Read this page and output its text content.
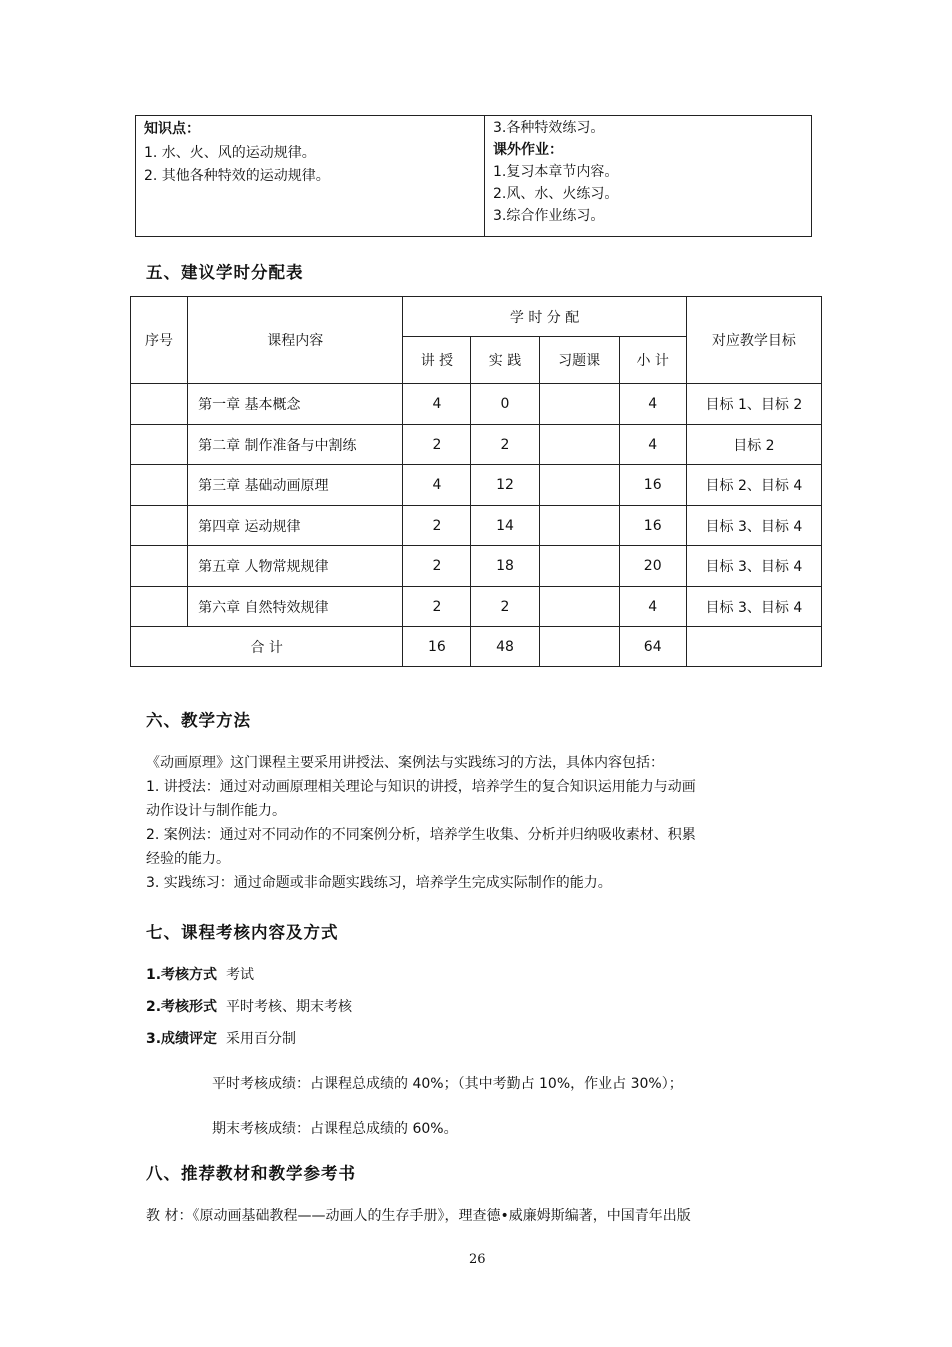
知识点：
1. 水、火、风的运动规律。
2. 其他各种特效的运动规律。
3.各种特效练习。
课外作业：
1.复习本章节内容。
2.风、水、火练习。
3.综合作业练习。
五、建议学时分配表
序号	课程内容	学 时 分 配				对应教学目标
		讲 授	实 践	习题课	小 计	
	第一章 基本概念	4	0		4	目标 1、目标 2
	第二章 制作准备与中割练	2	2		4	目标 2
	第三章 基础动画原理	4	12		16	目标 2、目标 4
	第四章 运动规律	2	14		16	目标 3、目标 4
	第五章 人物常规规律	2	18		20	目标 3、目标 4
	第六章 自然特效规律	2	2		4	目标 3、目标 4
合 计		16	48		64	
六、教学方法
《动画原理》这门课程主要采用讲授法、案例法与实践练习的方法，具体内容包括：
1. 讲授法：通过对动画原理相关理论与知识的讲授，培养学生的复合知识运用能力与动画
动作设计与制作能力。
2. 案例法：通过对不同动作的不同案例分析，培养学生收集、分析并归纳吸收素材、积累
经验的能力。
3. 实践练习：通过命题或非命题实践练习，培养学生完成实际制作的能力。
七、课程考核内容及方式
1.考核方式 考试
2.考核形式 平时考核、期末考核
3.成绩评定 采用百分制
平时考核成绩：占课程总成绩的 40%；（其中考勤占 10%，作业占 30%）；
期末考核成绩：占课程总成绩的 60%。
八、推荐教材和教学参考书
教 材：《原动画基础教程——动画人的生存手册》，理查德•威廉姆斯编著，中国青年出版
26
